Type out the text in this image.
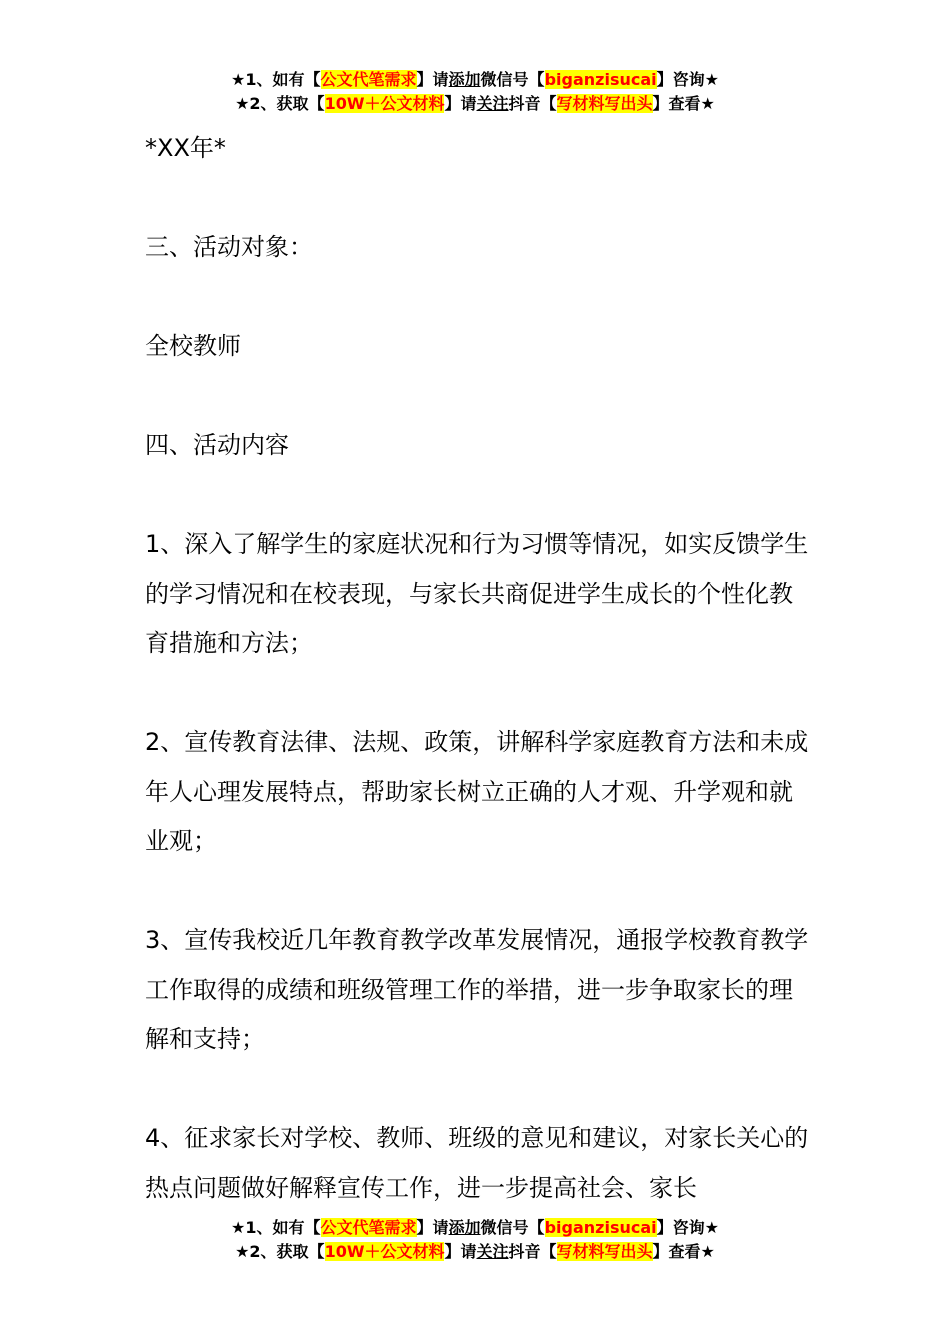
★1、如有【公文代笔需求】请添加微信号【biganzisucai】咨询★
★2、获取【10W＋公文材料】请关注抖音【写材料写出头】查看★

*XX年*

三、活动对象：

全校教师

四、活动内容

1、深入了解学生的家庭状况和行为习惯等情况，如实反馈学生的学习情况和在校表现，与家长共商促进学生成长的个性化教育措施和方法；

2、宣传教育法律、法规、政策，讲解科学家庭教育方法和未成年人心理发展特点，帮助家长树立正确的人才观、升学观和就业观；

3、宣传我校近几年教育教学改革发展情况，通报学校教育教学工作取得的成绩和班级管理工作的举措，进一步争取家长的理解和支持；

4、征求家长对学校、教师、班级的意见和建议，对家长关心的热点问题做好解释宣传工作，进一步提高社会、家长

★1、如有【公文代笔需求】请添加微信号【biganzisucai】咨询★
★2、获取【10W＋公文材料】请关注抖音【写材料写出头】查看★
